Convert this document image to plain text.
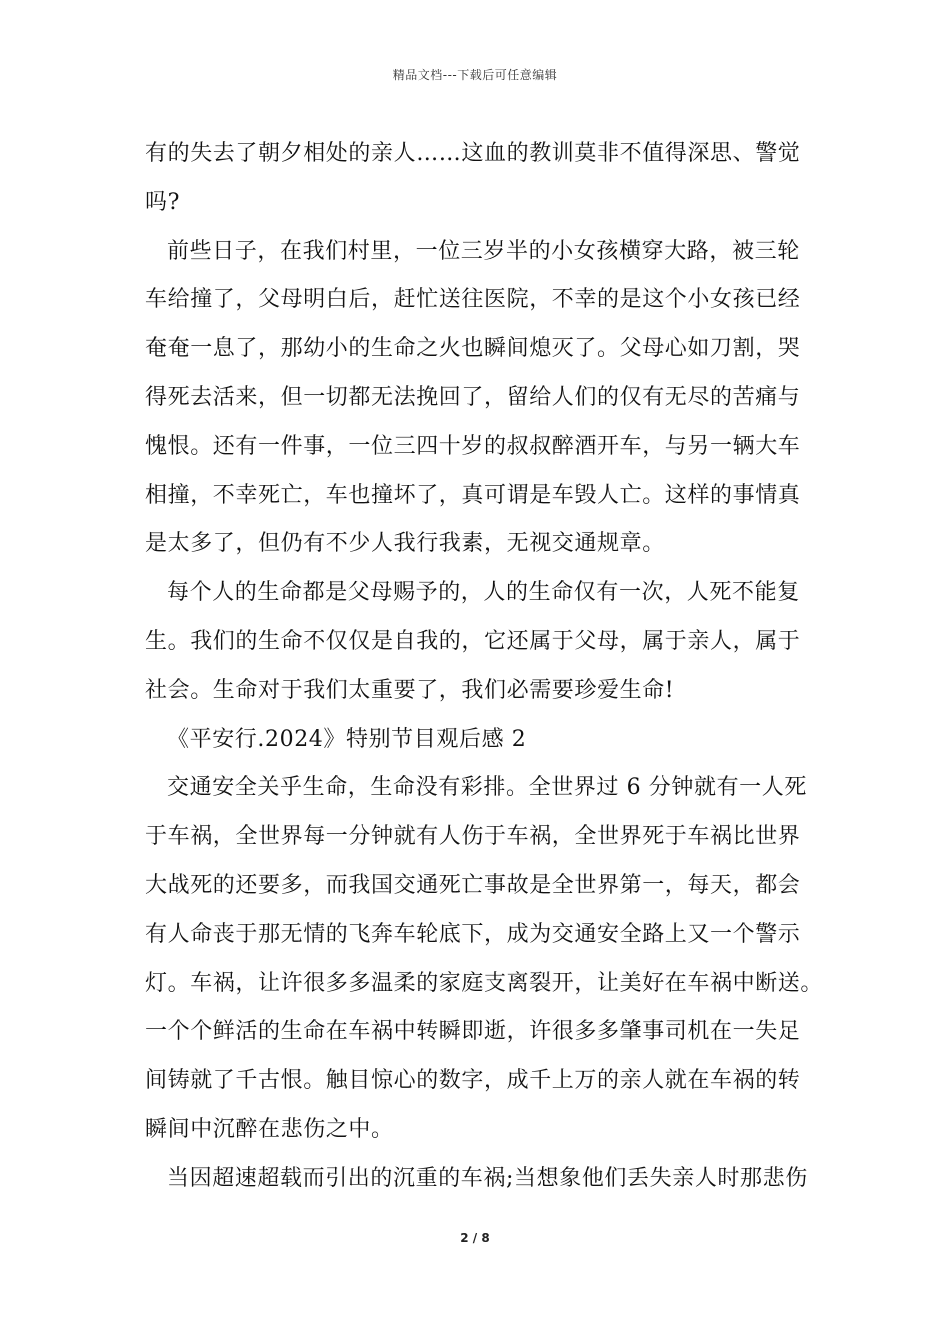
精品文档---下载后可任意编辑
有的失去了朝夕相处的亲人……这血的教训莫非不值得深思、警觉
吗?
前些日子，在我们村里，一位三岁半的小女孩横穿大路，被三轮
车给撞了，父母明白后，赶忙送往医院，不幸的是这个小女孩已经
奄奄一息了，那幼小的生命之火也瞬间熄灭了。父母心如刀割，哭
得死去活来，但一切都无法挽回了，留给人们的仅有无尽的苦痛与
愧恨。还有一件事，一位三四十岁的叔叔醉酒开车，与另一辆大车
相撞，不幸死亡，车也撞坏了，真可谓是车毁人亡。这样的事情真
是太多了，但仍有不少人我行我素，无视交通规章。
每个人的生命都是父母赐予的，人的生命仅有一次，人死不能复
生。我们的生命不仅仅是自我的，它还属于父母，属于亲人，属于
社会。生命对于我们太重要了，我们必需要珍爱生命!
《平安行.2024》特别节目观后感 2
交通安全关乎生命，生命没有彩排。全世界过 6 分钟就有一人死
于车祸，全世界每一分钟就有人伤于车祸，全世界死于车祸比世界
大战死的还要多，而我国交通死亡事故是全世界第一，每天，都会
有人命丧于那无情的飞奔车轮底下，成为交通安全路上又一个警示
灯。车祸，让许很多多温柔的家庭支离裂开，让美好在车祸中断送。
一个个鲜活的生命在车祸中转瞬即逝，许很多多肇事司机在一失足
间铸就了千古恨。触目惊心的数字，成千上万的亲人就在车祸的转
瞬间中沉醉在悲伤之中。
当因超速超载而引出的沉重的车祸;当想象他们丢失亲人时那悲伤
2 / 8
